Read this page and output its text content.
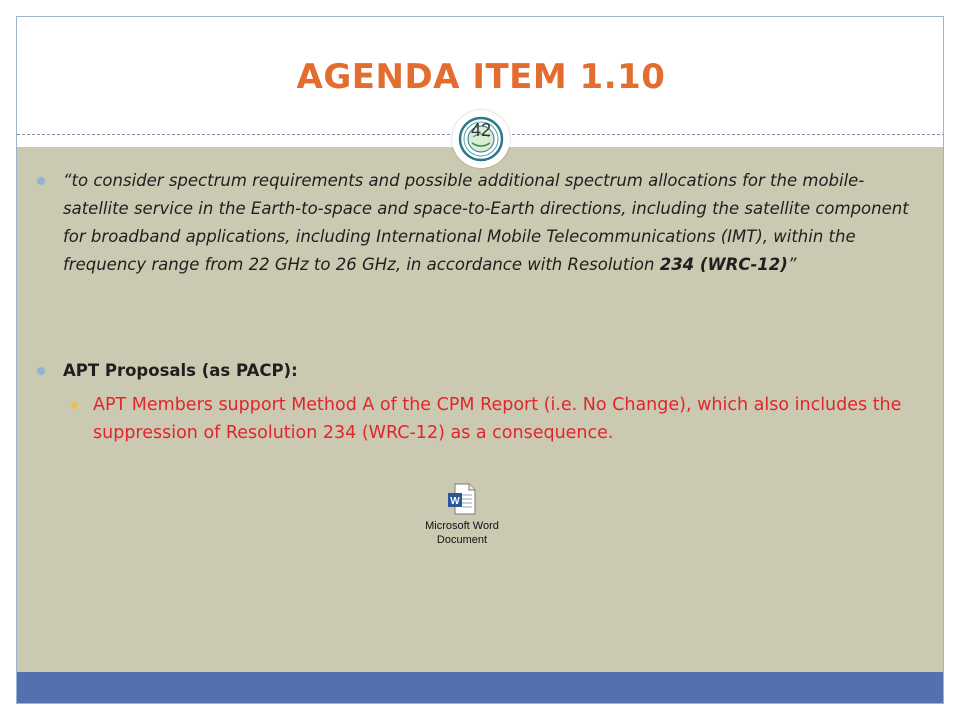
AGENDA ITEM 1.10
42
“to consider spectrum requirements and possible additional spectrum allocations for the mobile-satellite service in the Earth-to-space and space-to-Earth directions, including the satellite component for broadband applications, including International Mobile Telecommunications (IMT), within the frequency range from 22 GHz to 26 GHz, in accordance with Resolution 234 (WRC-12)”
APT Proposals (as PACP):
APT Members support Method A of the CPM Report (i.e. No Change), which also includes the suppression of Resolution 234 (WRC-12) as a consequence.
W
Microsoft Word
Document
